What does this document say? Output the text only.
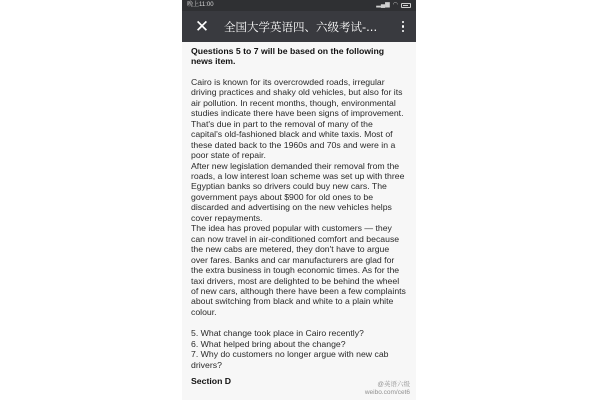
晚上11:00	▂▄▆ ◠
✕ 全国大学英语四、六级考试-...

Questions 5 to 7 will be based on the following news item.

Cairo is known for its overcrowded roads, irregular driving practices and shaky old vehicles, but also for its air pollution. In recent months, though, environmental studies indicate there have been signs of improvement. That's due in part to the removal of many of the capital's old-fashioned black and white taxis. Most of these dated back to the 1960s and 70s and were in a poor state of repair.

After new legislation demanded their removal from the roads, a low interest loan scheme was set up with three Egyptian banks so drivers could buy new cars. The government pays about $900 for old ones to be discarded and advertising on the new vehicles helps cover repayments.

The idea has proved popular with customers — they can now travel in air-conditioned comfort and because the new cabs are metered, they don't have to argue over fares. Banks and car manufacturers are glad for the extra business in tough economic times. As for the taxi drivers, most are delighted to be behind the wheel of new cars, although there have been a few complaints about switching from black and white to a plain white colour.

5. What change took place in Cairo recently?

6. What helped bring about the change?

7. Why do customers no longer argue with new cab drivers?

Section D	@英语六级
weibo.com/cet6
